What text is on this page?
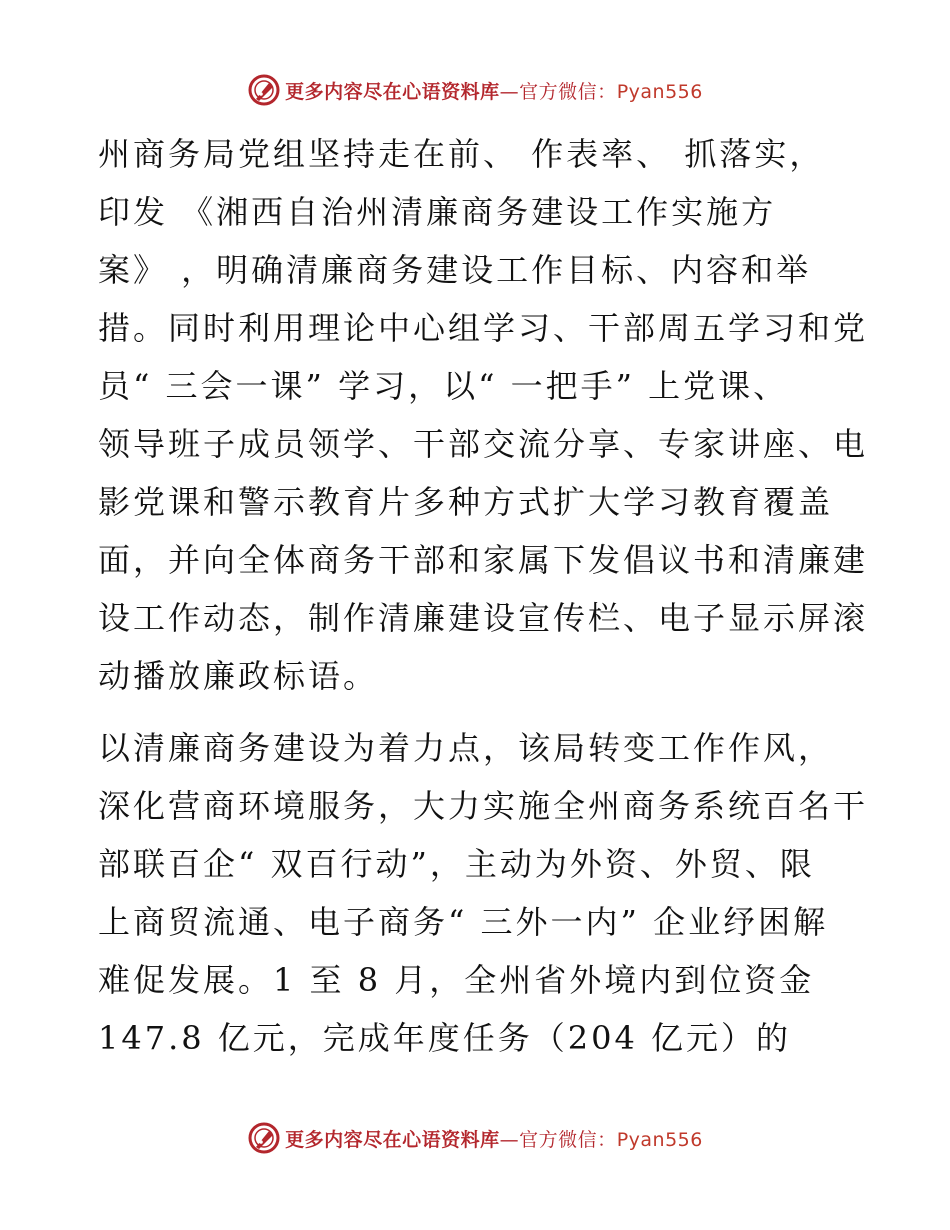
更多内容尽在心语资料库—官方微信：Pyan556
州商务局党组坚持走在前、 作表率、 抓落实，
印发 《湘西自治州清廉商务建设工作实施方
案》 ，明确清廉商务建设工作目标、内容和举
措。同时利用理论中心组学习、干部周五学习和党
员“ 三会一课” 学习，以“ 一把手” 上党课、
领导班子成员领学、干部交流分享、专家讲座、电
影党课和警示教育片多种方式扩大学习教育覆盖
面，并向全体商务干部和家属下发倡议书和清廉建
设工作动态，制作清廉建设宣传栏、电子显示屏滚
动播放廉政标语。
以清廉商务建设为着力点，该局转变工作作风，
深化营商环境服务，大力实施全州商务系统百名干
部联百企“ 双百行动”，主动为外资、外贸、限
上商贸流通、电子商务“ 三外一内” 企业纾困解
难促发展。1 至 8 月，全州省外境内到位资金
147.8 亿元，完成年度任务（204 亿元）的
更多内容尽在心语资料库—官方微信：Pyan556
